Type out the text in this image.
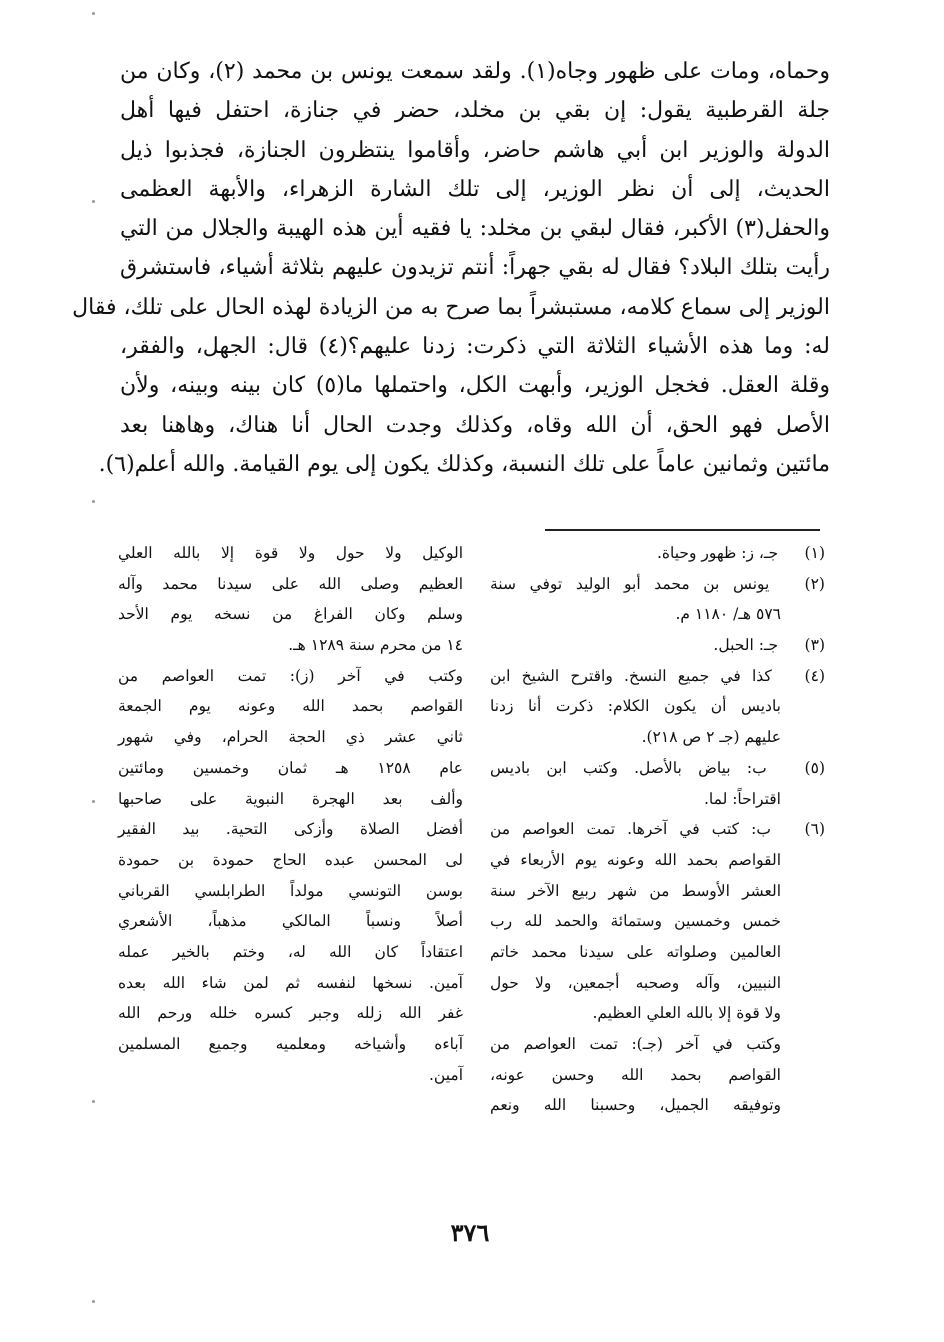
وحماه، ومات على ظهور وجاه(١). ولقد سمعت يونس بن محمد (٢)، وكان من
جلة القرطبية يقول: إن بقي بن مخلد، حضر في جنازة، احتفل فيها أهل
الدولة والوزير ابن أبي هاشم حاضر، وأقاموا ينتظرون الجنازة، فجذبوا ذيل
الحديث، إلى أن نظر الوزير، إلى تلك الشارة الزهراء، والأبهة العظمى
والحفل(٣) الأكبر، فقال لبقي بن مخلد: يا فقيه أين هذه الهيبة والجلال من التي
رأيت بتلك البلاد؟ فقال له بقي جهراً: أنتم تزيدون عليهم بثلاثة أشياء، فاستشرق
الوزير إلى سماع كلامه، مستبشراً بما صرح به من الزيادة لهذه الحال على تلك، فقال
له: وما هذه الأشياء الثلاثة التي ذكرت: زدنا عليهم؟(٤) قال: الجهل، والفقر،
وقلة العقل. فخجل الوزير، وأبهت الكل، واحتملها ما(٥) كان بينه وبينه، ولأن
الأصل فهو الحق، أن الله وقاه، وكذلك وجدت الحال أنا هناك، وهاهنا بعد
مائتين وثمانين عاماً على تلك النسبة، وكذلك يكون إلى يوم القيامة. والله أعلم(٦).
(١) جـ، ز: ظهور وحياة.
(٢) يونس بن محمد أبو الوليد توفي سنة
٥٧٦ هـ/ ١١٨٠ م.
(٣) جـ: الحبل.
(٤) كذا في جميع النسخ. واقترح الشيخ ابن
باديس أن يكون الكلام: ذكرت أنا زدنا
عليهم (جـ ٢ ص ٢١٨).
(٥) ب: بياض بالأصل. وكتب ابن باديس
اقتراحاً: لما.
(٦) ب: كتب في آخرها. تمت العواصم من
القواصم بحمد الله وعونه يوم الأربعاء في
العشر الأوسط من شهر ربيع الآخر سنة
خمس وخمسين وستمائة والحمد لله رب
العالمين وصلواته على سيدنا محمد خاتم
النبيين، وآله وصحبه أجمعين، ولا حول
ولا قوة إلا بالله العلي العظيم.
وكتب في آخر (جـ): تمت العواصم من
القواصم بحمد الله وحسن عونه،
وتوفيقه الجميل، وحسبنا الله ونعم
الوكيل ولا حول ولا قوة إلا بالله العلي
العظيم وصلى الله على سيدنا محمد وآله
وسلم وكان الفراغ من نسخه يوم الأحد
١٤ من محرم سنة ١٢٨٩ هـ.
وكتب في آخر (ز): تمت العواصم من
القواصم بحمد الله وعونه يوم الجمعة
ثاني عشر ذي الحجة الحرام، وفي شهور
عام ١٢٥٨ هـ ثمان وخمسين ومائتين
وألف بعد الهجرة النبوية على صاحبها
أفضل الصلاة وأزكى التحية. بيد الفقير
لى المحسن عبده الحاج حمودة بن حمودة
بوسن التونسي مولداً الطرابلسي القرباني
أصلاً ونسباً المالكي مذهباً، الأشعري
اعتقاداً كان الله له، وختم بالخير عمله
آمين. نسخها لنفسه ثم لمن شاء الله بعده
غفر الله زلله وجبر كسره خلله ورحم الله
آباءه وأشياخه ومعلميه وجميع المسلمين
آمين.
٣٧٦
